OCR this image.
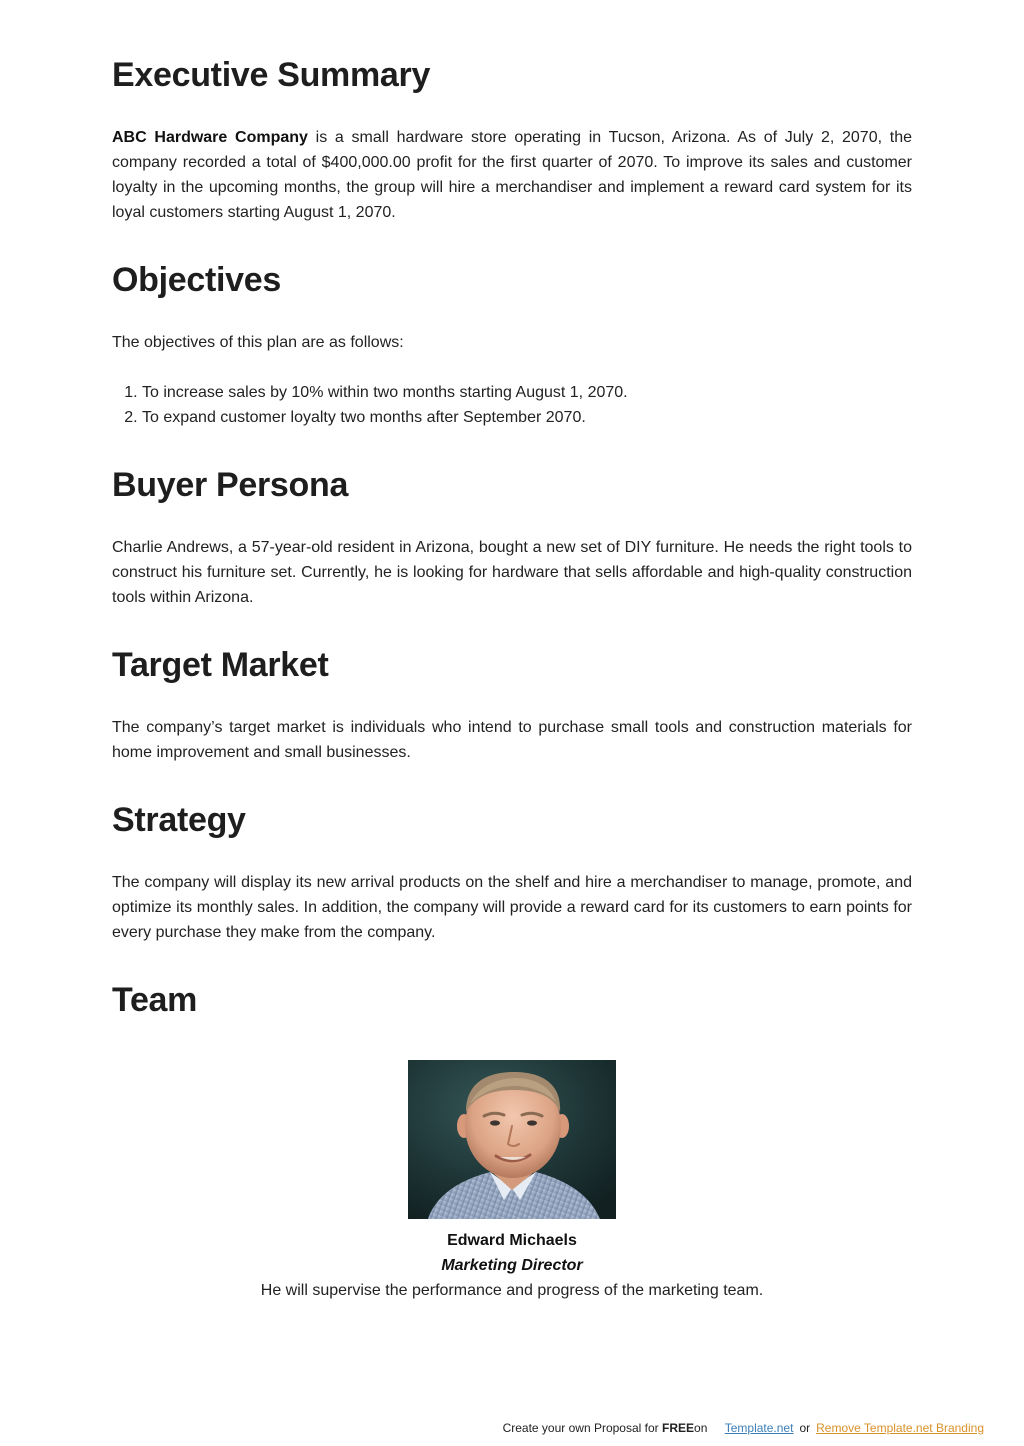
Executive Summary

ABC Hardware Company is a small hardware store operating in Tucson, Arizona. As of July 2, 2070, the company recorded a total of $400,000.00 profit for the first quarter of 2070. To improve its sales and customer loyalty in the upcoming months, the group will hire a merchandiser and implement a reward card system for its loyal customers starting August 1, 2070.

Objectives

The objectives of this plan are as follows:

1. To increase sales by 10% within two months starting August 1, 2070.
2. To expand customer loyalty two months after September 2070.
Buyer Persona

Charlie Andrews, a 57-year-old resident in Arizona, bought a new set of DIY furniture. He needs the right tools to construct his furniture set. Currently, he is looking for hardware that sells affordable and high-quality construction tools within Arizona.

Target Market

The company’s target market is individuals who intend to purchase small tools and construction materials for home improvement and small businesses.

Strategy

The company will display its new arrival products on the shelf and hire a merchandiser to manage, promote, and optimize its monthly sales. In addition, the company will provide a reward card for its customers to earn points for every purchase they make from the company.

Team
Edward Michaels
Marketing Director
He will supervise the performance and progress of the marketing team.
Create your own Proposal for FREEon Template.net or Remove Template.net Branding
